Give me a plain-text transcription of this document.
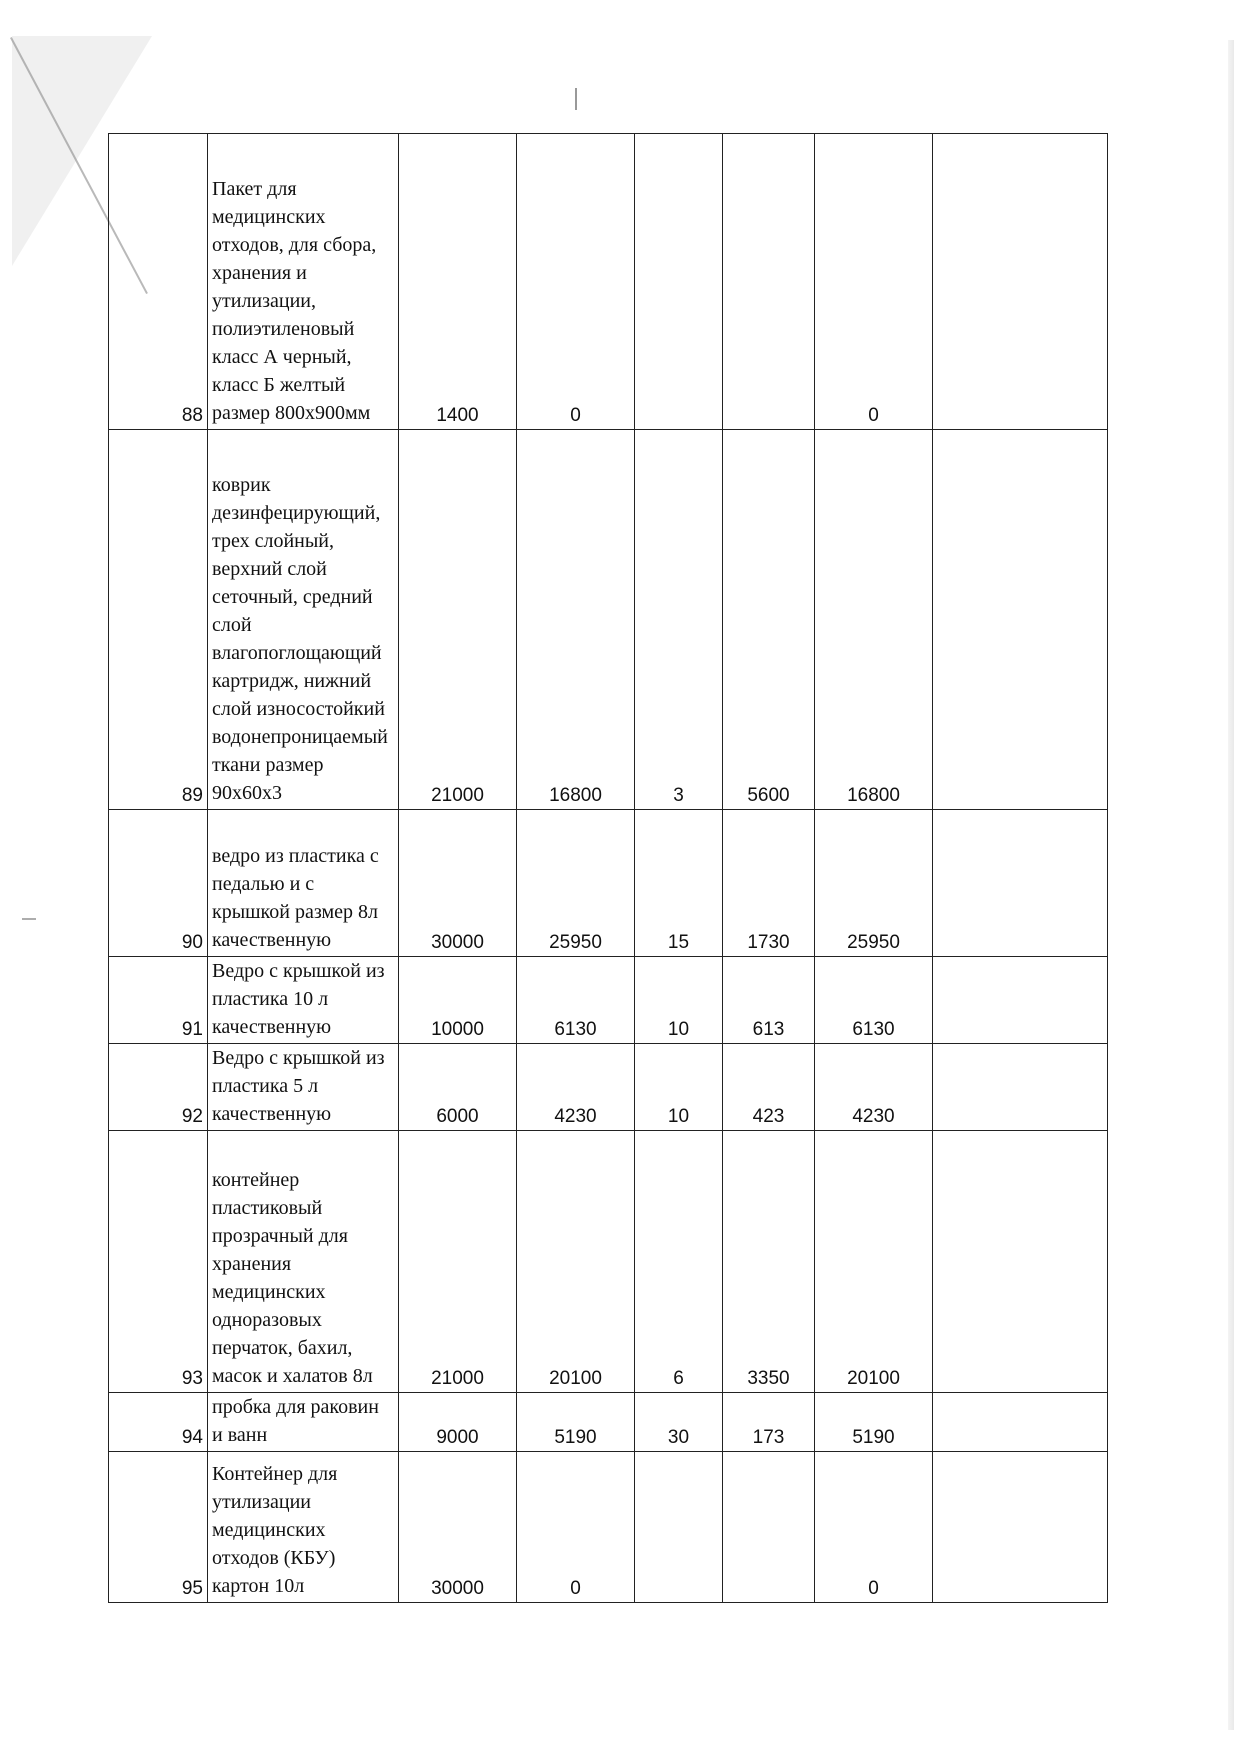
88	Пакет для медицинских отходов, для сбора, хранения и утилизации, полиэтиленовый класс А черный, класс Б желтый размер 800х900мм	1400	0			0	
89	коврик дезинфецирующий, трех слойный, верхний слой сеточный, средний слой влагопоглощающий картридж, нижний слой износостойкий водонепроницаемый ткани размер 90х60х3	21000	16800	3	5600	16800	
90	ведро из пластика с педалью и с крышкой размер 8л качественную	30000	25950	15	1730	25950	
91	Ведро с крышкой из пластика 10 л качественную	10000	6130	10	613	6130	
92	Ведро с крышкой из пластика 5 л качественную	6000	4230	10	423	4230	
93	контейнер пластиковый прозрачный для хранения медицинских одноразовых перчаток, бахил, масок и халатов 8л	21000	20100	6	3350	20100	
94	пробка для раковин и ванн	9000	5190	30	173	5190	
95	Контейнер для утилизации медицинских отходов (КБУ) картон 10л	30000	0			0	
